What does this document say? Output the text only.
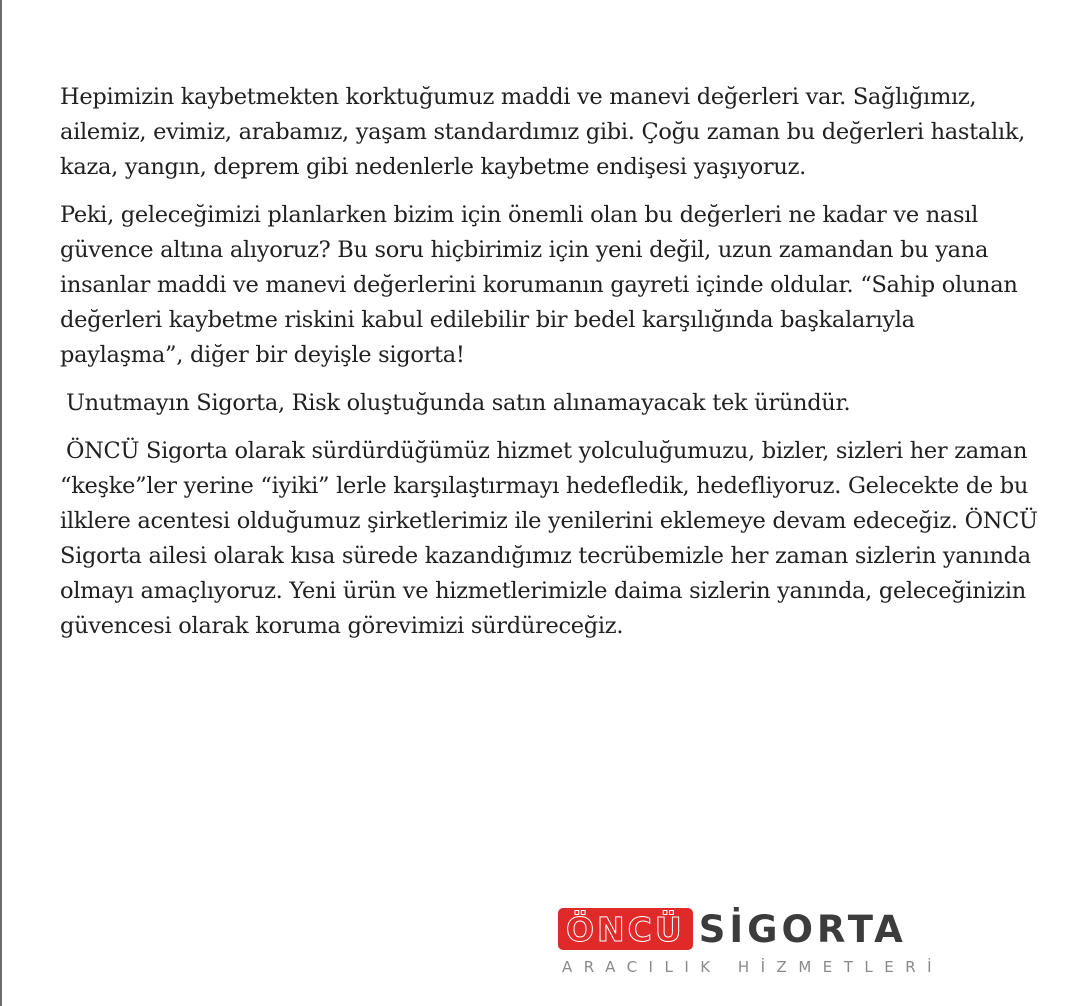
Hepimizin kaybetmekten korktuğumuz maddi ve manevi değerleri var. Sağlığımız, ailemiz, evimiz, arabamız, yaşam standardımız gibi. Çoğu zaman bu değerleri hastalık, kaza, yangın, deprem gibi nedenlerle kaybetme endişesi yaşıyoruz.

Peki, geleceğimizi planlarken bizim için önemli olan bu değerleri ne kadar ve nasıl güvence altına alıyoruz? Bu soru hiçbirimiz için yeni değil, uzun zamandan bu yana insanlar maddi ve manevi değerlerini korumanın gayreti içinde oldular. “Sahip olunan değerleri kaybetme riskini kabul edilebilir bir bedel karşılığında başkalarıyla paylaşma”, diğer bir deyişle sigorta!

Unutmayın Sigorta, Risk oluştuğunda satın alınamayacak tek üründür.

ÖNCÜ Sigorta olarak sürdürdüğümüz hizmet yolculuğumuzu, bizler, sizleri her zaman “keşke”ler yerine “iyiki” lerle karşılaştırmayı hedefledik, hedefliyoruz. Gelecekte de bu ilklere acentesi olduğumuz şirketlerimiz ile yenilerini eklemeye devam edeceğiz. ÖNCÜ Sigorta ailesi olarak kısa sürede kazandığımız tecrübemizle her zaman sizlerin yanında olmayı amaçlıyoruz. Yeni ürün ve hizmetlerimizle daima sizlerin yanında, geleceğinizin güvencesi olarak koruma görevimizi sürdüreceğiz.

ÖNCÜ SİGORTA
ARACILIK HİZMETLERİ
